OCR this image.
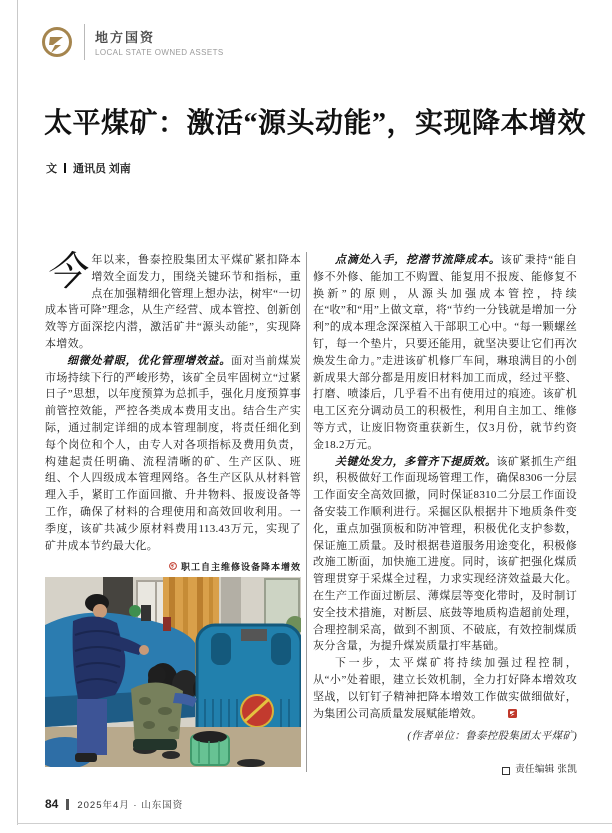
地方国资
LOCAL STATE OWNED ASSETS
太平煤矿：激活“源头动能”，实现降本增效
文 通讯员 刘南

今年以来，鲁泰控股集团太平煤矿紧扣降本增效全面发力，围绕关键环节和指标，重点在加强精细化管理上想办法，树牢“一切成本皆可降”理念，从生产经营、成本管控、创新创效等方面深挖内潜，激活矿井“源头动能”，实现降本增效。

细微处着眼，优化管理增效益。面对当前煤炭市场持续下行的严峻形势，该矿全员牢固树立“过紧日子”思想，以年度预算为总抓手，强化月度预算事前管控效能，严控各类成本费用支出。结合生产实际，通过制定详细的成本管理制度，将责任细化到每个岗位和个人，由专人对各项指标及费用负责，构建起责任明确、流程清晰的矿、生产区队、班组、个人四级成本管理网络。各生产区队从材料管理入手，紧盯工作面回撤、升井物料、报废设备等工作，确保了材料的合理使用和高效回收利用。一季度，该矿共减少原材料费用113.43万元，实现了矿井成本节约最大化。

职工自主维修设备降本增效

点滴处入手，挖潜节流降成本。该矿秉持“能自修不外修、能加工不购置、能复用不报废、能修复不换新”的原则，从源头加强成本管控，持续在“收”和“用”上做文章，将“节约一分钱就是增加一分利”的成本理念深深植入干部职工心中。“每一颗螺丝钉，每一个垫片，只要还能用，就坚决要让它们再次焕发生命力。”走进该矿机修厂车间，琳琅满目的小创新成果大部分都是用废旧材料加工而成，经过平整、打磨、喷漆后，几乎看不出有使用过的痕迹。该矿机电工区充分调动员工的积极性，利用自主加工、维修等方式，让废旧物资重获新生，仅3月份，就节约资金18.2万元。

关键处发力，多管齐下提质效。该矿紧抓生产组织，积极做好工作面现场管理工作，确保8306一分层工作面安全高效回撤，同时保证8310二分层工作面设备安装工作顺利进行。采掘区队根据井下地质条件变化，重点加强顶板和防冲管理，积极优化支护参数，保证施工质量。及时根据巷道服务用途变化，积极修改施工断面，加快施工进度。同时，该矿把强化煤质管理贯穿于采煤全过程，力求实现经济效益最大化。在生产工作面过断层、薄煤层等变化带时，及时制订安全技术措施，对断层、底鼓等地质构造超前处理，合理控制采高，做到不割顶、不破底，有效控制煤质灰分含量，为提升煤炭质量打牢基础。

下一步，太平煤矿将持续加强过程控制，从“小”处着眼，建立长效机制，全力打好降本增效攻坚战，以钉钉子精神把降本增效工作做实做细做好，为集团公司高质量发展赋能增效。

(作者单位：鲁泰控股集团太平煤矿)
责任编辑 张凯
84 2025年4月 · 山东国资
